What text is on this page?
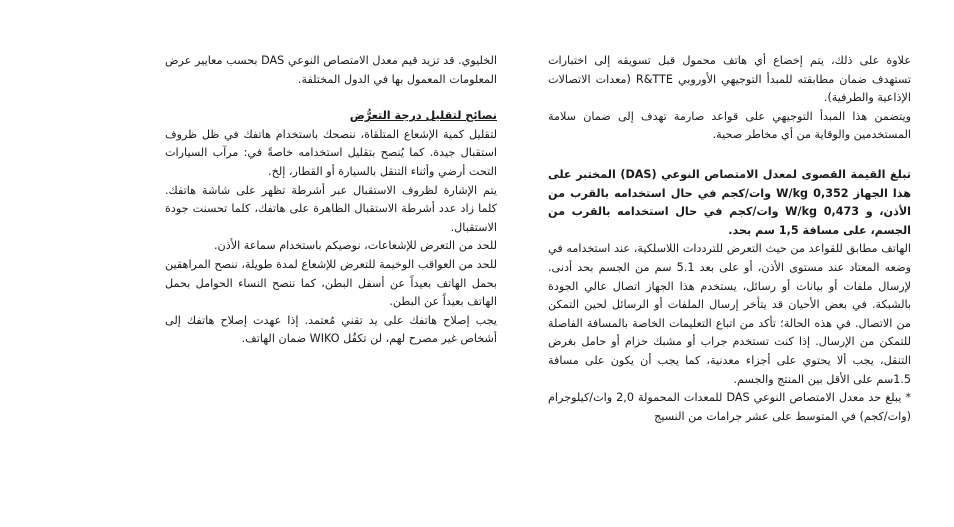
الخليوي. قد تزيد قيم معدل الامتصاص النوعي DAS بحسب معايير عرض المعلومات المعمول بها في الدول المختلفة.

نصائح لتقليل درجة التعرُّض

لتقليل كمية الإشعاع المتلقاة، ننصحك باستخدام هاتفك في ظل ظروف استقبال جيدة. كما يُنصح بتقليل استخدامه خاصةً في: مرآب السيارات التحت أرضي وأثناء التنقل بالسيارة أو القطار، إلخ.

يتم الإشارة لظروف الاستقبال عبر أشرطة تظهر على شاشة هاتفك. كلما زاد عدد أشرطة الاستقبال الظاهرة على هاتفك، كلما تحسنت جودة الاستقبال.

للحد من التعرض للإشعاعات، نوصيكم باستخدام سماعة الأذن.

للحد من العواقب الوخيمة للتعرض للإشعاع لمدة طويلة، ننصح المراهقين بحمل الهاتف بعيداً عن أسفل البطن، كما ننصح النساء الحوامل بحمل الهاتف بعيداً عن البطن.

يجب إصلاح هاتفك على يد تقني مُعتمد. إذا عهدت إصلاح هاتفك إلى أشخاص غير مصرح لهم، لن تكفُل WIKO ضمان الهاتف.

علاوة على ذلك، يتم إخضاع أي هاتف محمول قبل تسويقه إلى اختبارات تستهدف ضمان مطابقته للمبدأ التوجيهي الأوروبي R&TTE (معدات الاتصالات الإذاعية والطرفية).

ويتضمن هذا المبدأ التوجيهي على قواعد صارمة تهدف إلى ضمان سلامة المستخدمين والوقاية من أي مخاطر صحية.

تبلغ القيمة القصوى لمعدل الامتصاص النوعي (DAS) المختبر على هذا الجهاز 0,352 W/kg وات/كجم في حال استخدامه بالقرب من الأذن، و 0,473 W/kg وات/كجم في حال استخدامه بالقرب من الجسم، على مسافة 1,5 سم بحد.

الهاتف مطابق للقواعد من حيث التعرض للترددات اللاسلكية، عند استخدامه في وضعه المعتاد عند مستوى الأذن، أو على بعد 5.1 سم من الجسم بحد أدنى. لإرسال ملفات أو بيانات أو رسائل، يستخدم هذا الجهاز اتصال عالي الجودة بالشبكة. في بعض الأحيان قد يتأخر إرسال الملفات أو الرسائل لحين التمكن من الاتصال. في هذه الحالة؛ تأكد من اتباع التعليمات الخاصة بالمسافة الفاصلة للتمكن من الإرسال. إذا كنت تستخدم جراب أو مشبك حزام أو حامل بغرض التنقل، يجب ألا يحتوي على أجزاء معدنية، كما يجب أن يكون على مسافة 1.5سم على الأقل بين المنتج والجسم.

* يبلغ حد معدل الامتصاص النوعي DAS للمعدات المحمولة 2,0 وات/كيلوجرام (وات/كجم) في المتوسط على عشر جرامات من النسيج
